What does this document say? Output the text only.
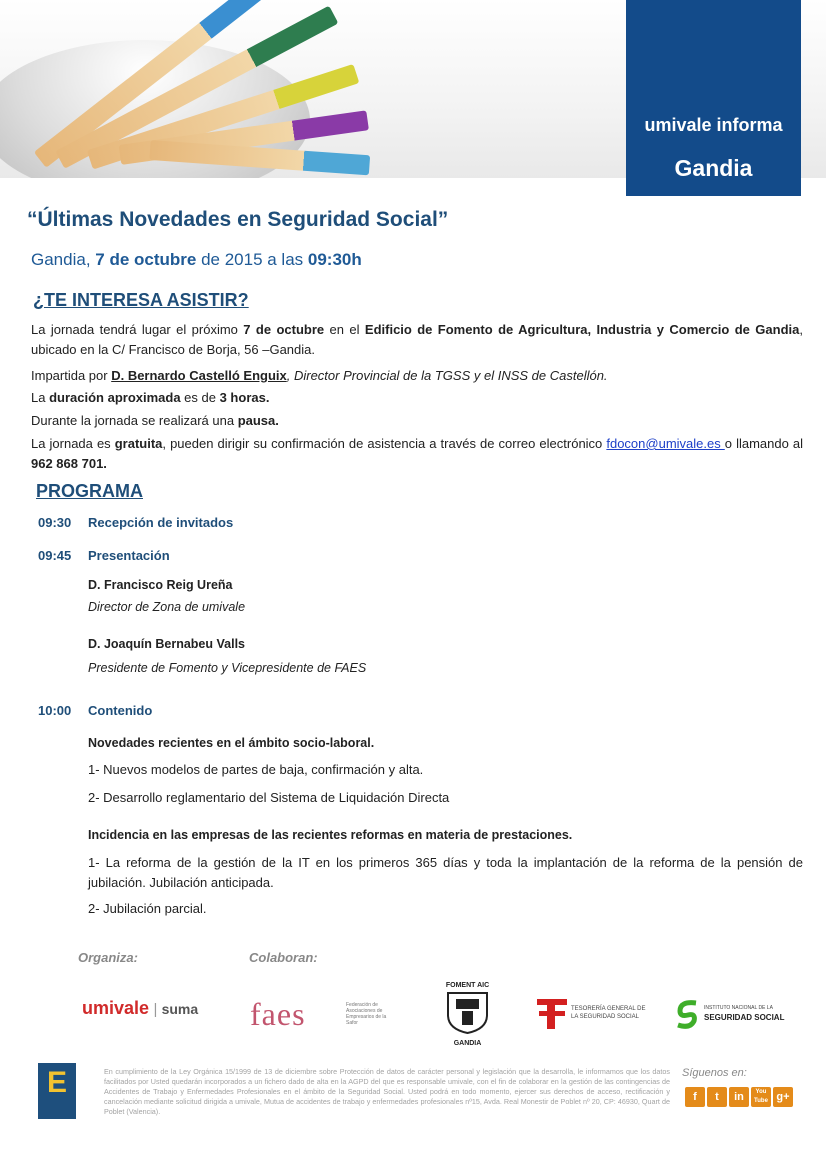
umivale informa
Gandia
“Últimas Novedades en Seguridad Social”
Gandia, 7 de octubre de 2015 a las 09:30h
¿TE INTERESA ASISTIR?
La jornada tendrá lugar el próximo 7 de octubre en el Edificio de Fomento de Agricultura, Industria y Comercio de Gandia, ubicado en la C/ Francisco de Borja, 56 –Gandia.
Impartida por D. Bernardo Castelló Enguix, Director Provincial de la TGSS y el INSS de Castellón.
La duración aproximada es de 3 horas.
Durante la jornada se realizará una pausa.
La jornada es gratuita, pueden dirigir su confirmación de asistencia a través de correo electrónico fdocon@umivale.es o llamando al 962 868 701.
PROGRAMA
09:30 Recepción de invitados
09:45 Presentación
D. Francisco Reig Ureña
Director de Zona de umivale
D. Joaquín Bernabeu Valls
Presidente de Fomento y Vicepresidente de FAES
10:00 Contenido
Novedades recientes en el ámbito socio-laboral.
1- Nuevos modelos de partes de baja, confirmación y alta.
2- Desarrollo reglamentario del Sistema de Liquidación Directa
Incidencia en las empresas de las recientes reformas en materia de prestaciones.
1- La reforma de la gestión de la IT en los primeros 365 días y toda la implantación de la reforma de la pensión de jubilación. Jubilación anticipada.
2- Jubilación parcial.
Organiza:	Colaboran:
umivale | suma faes	Federación de Asociaciones de Empresarios de la Safor
FOMENT AIC
GANDIA
TESORERÍA GENERAL DE LA SEGURIDAD SOCIAL
INSTITUTO NACIONAL DE LA
SEGURIDAD SOCIAL
E	En cumplimiento de la Ley Orgánica 15/1999 de 13 de diciembre sobre Protección de datos de carácter personal y legislación que la desarrolla, le informamos que los datos facilitados por Usted quedarán incorporados a un fichero dado de alta en la AGPD del que es responsable umivale, con el fin de colaborar en la gestión de las contingencias de Accidentes de Trabajo y Enfermedades Profesionales en el ámbito de la Seguridad Social. Usted podrá en todo momento, ejercer sus derechos de acceso, rectificación y cancelación mediante solicitud dirigida a umivale, Mutua de accidentes de trabajo y enfermedades profesionales nº15, Avda. Real Monestir de Poblet nº 20, CP: 46930, Quart de Poblet (Valencia).
Síguenos en:
f	t	in	You Tube g+
